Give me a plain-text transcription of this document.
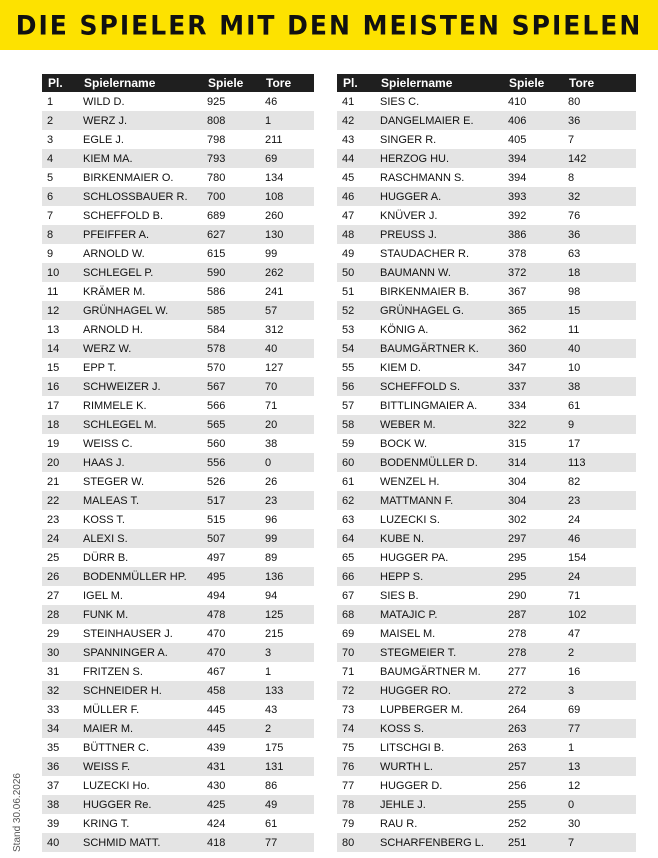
DIE SPIELER MIT DEN MEISTEN SPIELEN
Stand 30.06.2026
Pl.	Spielername	Spiele	Tore
1	WILD D.	925	46
2	WERZ J.	808	1
3	EGLE J.	798	211
4	KIEM MA.	793	69
5	BIRKENMAIER O.	780	134
6	SCHLOSSBAUER R.	700	108
7	SCHEFFOLD B.	689	260
8	PFEIFFER A.	627	130
9	ARNOLD W.	615	99
10	SCHLEGEL P.	590	262
11	KRÄMER M.	586	241
12	GRÜNHAGEL W.	585	57
13	ARNOLD H.	584	312
14	WERZ W.	578	40
15	EPP T.	570	127
16	SCHWEIZER J.	567	70
17	RIMMELE K.	566	71
18	SCHLEGEL M.	565	20
19	WEISS C.	560	38
20	HAAS J.	556	0
21	STEGER W.	526	26
22	MALEAS T.	517	23
23	KOSS T.	515	96
24	ALEXI S.	507	99
25	DÜRR B.	497	89
26	BODENMÜLLER HP.	495	136
27	IGEL M.	494	94
28	FUNK M.	478	125
29	STEINHAUSER J.	470	215
30	SPANNINGER A.	470	3
31	FRITZEN S.	467	1
32	SCHNEIDER H.	458	133
33	MÜLLER F.	445	43
34	MAIER M.	445	2
35	BÜTTNER C.	439	175
36	WEISS F.	431	131
37	LUZECKI Ho.	430	86
38	HUGGER Re.	425	49
39	KRING T.	424	61
40	SCHMID MATT.	418	77
Pl.	Spielername	Spiele	Tore
41	SIES C.	410	80
42	DANGELMAIER E.	406	36
43	SINGER R.	405	7
44	HERZOG HU.	394	142
45	RASCHMANN S.	394	8
46	HUGGER A.	393	32
47	KNÜVER J.	392	76
48	PREUSS J.	386	36
49	STAUDACHER R.	378	63
50	BAUMANN W.	372	18
51	BIRKENMAIER B.	367	98
52	GRÜNHAGEL G.	365	15
53	KÖNIG A.	362	11
54	BAUMGÄRTNER K.	360	40
55	KIEM D.	347	10
56	SCHEFFOLD S.	337	38
57	BITTLINGMAIER A.	334	61
58	WEBER M.	322	9
59	BOCK W.	315	17
60	BODENMÜLLER D.	314	113
61	WENZEL H.	304	82
62	MATTMANN F.	304	23
63	LUZECKI S.	302	24
64	KUBE N.	297	46
65	HUGGER PA.	295	154
66	HEPP S.	295	24
67	SIES B.	290	71
68	MATAJIC P.	287	102
69	MAISEL M.	278	47
70	STEGMEIER T.	278	2
71	BAUMGÄRTNER M.	277	16
72	HUGGER RO.	272	3
73	LUPBERGER M.	264	69
74	KOSS S.	263	77
75	LITSCHGI B.	263	1
76	WURTH L.	257	13
77	HUGGER D.	256	12
78	JEHLE J.	255	0
79	RAU R.	252	30
80	SCHARFENBERG L.	251	7
